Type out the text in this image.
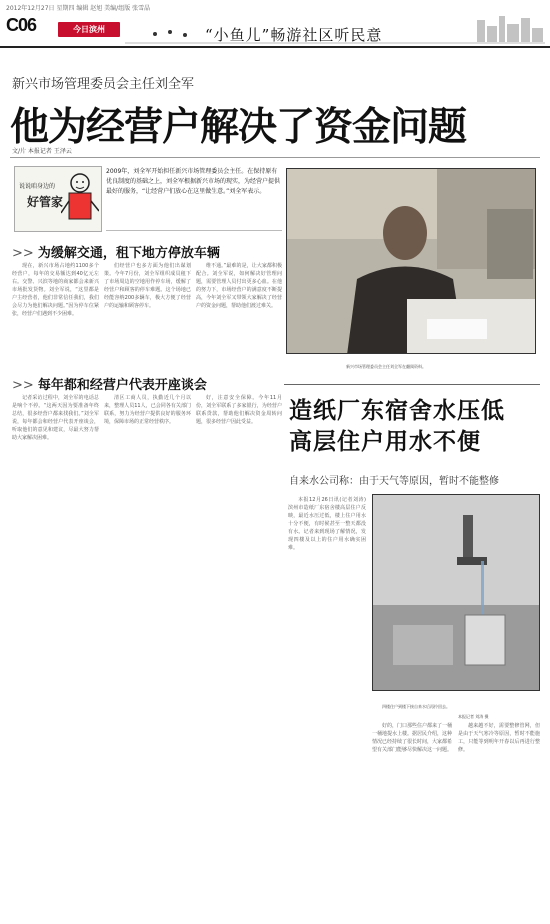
2012年12月27日 星期四 编辑 赵旭 美编/组版 张雪晶
C06	今日滨州	“小鱼儿”畅游社区听民意
新兴市场管理委员会主任刘全军
他为经营户解决了资金问题
文/片 本报记者 王泽云
说说咱身边的
好管家
2009年，刘全军开始担任新兴市场管理委员会主任。在保持原有优良制度的基础之上，刘全军根据新兴市场的现实，为经营户提供最好的服务，“让经营户们放心在这里做生意。”刘全军表示。
>> 为缓解交通，租下地方停放车辆

现在，新兴市场占地约1100多个经营户，每年的交易额达到40亿元左右。交警、兴滨等地的商家都会来新兴市场批发货物。刘全军说，“这里都是户主经营者，他们非常信任我们，我们会尽力为他们解决问题。”因为停车位紧张，经营户们遇到不少困难。

们经营户也多方面为他们出谋划策。今年7月份，刘全军组织成员租下了市场周边的空地用作停车场，缓解了经营户和顾客的停车难题。这个场地已经能容纳200多辆车，极大方便了经营户的运输和顾客停车。

维不通。”最难的是，让大家都积极配合。刘全军说，如何解决好管理问题，需要管理人员付出更多心血。在他的努力下，市场经营户的满意度不断提高，今年刘全军又带领大家解决了经营户的资金问题，帮助他们渡过难关。

>> 每年都和经营户代表开座谈会

记者采访过程中，刘全军的电话总是响个不停。“这两天因为要准备年终总结，很多经营户都来找我们。”刘全军说，每年都会和经营户代表开座谈会，听取他们的意见和建议，尽最大努力帮助大家解决困难。

清区工商人员，执勤近几个月以来，整理人员11人，已会同各有关部门联系，努力为经营户提供良好的服务环境，保障市场的正常经营秩序。

好，注意安全保障。今年11月份，刘全军联系了多家银行，为经营户联系贷款，帮助他们解决资金周转问题，很多经营户因此受益。

新兴市场管理委员会主任刘全军在翻阅资料。
造纸厂东宿舍水压低
高层住户用水不便
自来水公司称：由于天气等原因，暂时不能整修

本报12月26日讯(记者刘涛) 滨州市造纸厂东宿舍楼高层住户反映，最近水压过低，楼上住户用水十分不便，有时候甚至一整天都没有水。记者来到现场了解情况，发现四楼及以上的住户用水确实困难。

四楼住户到楼下接自来水后再拎回去。
本报记者 刘涛 摄

好的，门口那些住户都来了一桶一桶地提水上楼。据居民介绍，这种情况已经持续了很长时间，大家都希望有关部门能够尽快解决这一问题。

越来越不好，需要整修管网，但是由于天气寒冷等原因，暂时不能施工，只能等到明年开春以后再进行整修。
